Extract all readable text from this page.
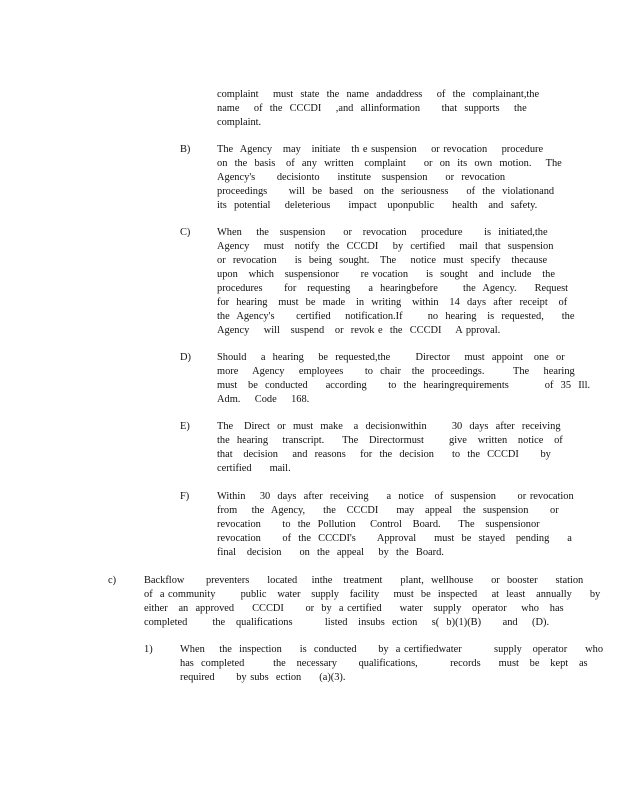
complaint    must  state  the  name  andaddress    of  the  complainant,the
name    of  the  CCCDI    ,and  allinformation      that  supports    the
complaint.
B)	The  Agency   may   initiate   th e suspension    or revocation    procedure
on  the  basis   of  any  written   complaint     or  on  its  own  motion.    The
Agency's      decisionto     institute   suspension     or  revocation
proceedings      will  be  based   on  the  seriousness     of  the  violationand
its  potential    deleterious     impact   uponpublic     health   and  safety.
C)	When    the   suspension     or   revocation    procedure      is  initiated,the
Agency    must   notify  the  CCCDI    by  certified    mail  that  suspension
or  revocation     is  being  sought.   The    notice  must  specify   thecause
upon   which   suspensionor      re vocation     is  sought   and  include   the
procedures      for   requesting     a  hearingbefore       the  Agency.     Request
for  hearing   must  be  made   in  writing   within   14  days  after  receipt   of
the  Agency's      certified    notification.If       no  hearing   is  requested,     the
Agency    will   suspend   or  revok e  the  CCCDI    A pproval.
D)	Should    a  hearing    be  requested,the       Director    must  appoint   one  or
more    Agency    employees      to  chair   the  proceedings.        The    hearing
must   be  conducted     according      to  the  hearingrequirements          of  35  Ill.
Adm.    Code    168.
E)	The   Direct  or  must  make   a  decisionwithin       30  days  after  receiving
the  hearing    transcript.     The   Directormust       give   written   notice   of
that   decision    and  reasons    for  the  decision     to  the  CCCDI      by
certified     mail.
F)	Within    30  days  after  receiving     a  notice   of  suspension      or revocation
from    the  Agency,     the   CCCDI     may   appeal   the  suspension      or
revocation      to  the  Pollution    Control   Board.     The   suspensionor
revocation      of  the  CCCDI's      Approval     must  be  stayed   pending     a
final   decision     on  the  appeal    by  the  Board.
c)	Backflow      preventers     located    inthe   treatment     plant,  wellhouse     or  booster     station
of  a community       public   water   supply   facility    must  be  inspected    at  least   annually     by
either   an  approved     CCCDI      or  by  a certified     water   supply   operator    who   has
completed       the   qualifications         listed   insubs  ection    s(  b)(1)(B)      and    (D).
1)	When    the  inspection     is  conducted      by  a certifiedwater         supply   operator     who
has  completed        the   necessary      qualifications,         records     must   be   kept   as
required      by subs  ection     (a)(3).
